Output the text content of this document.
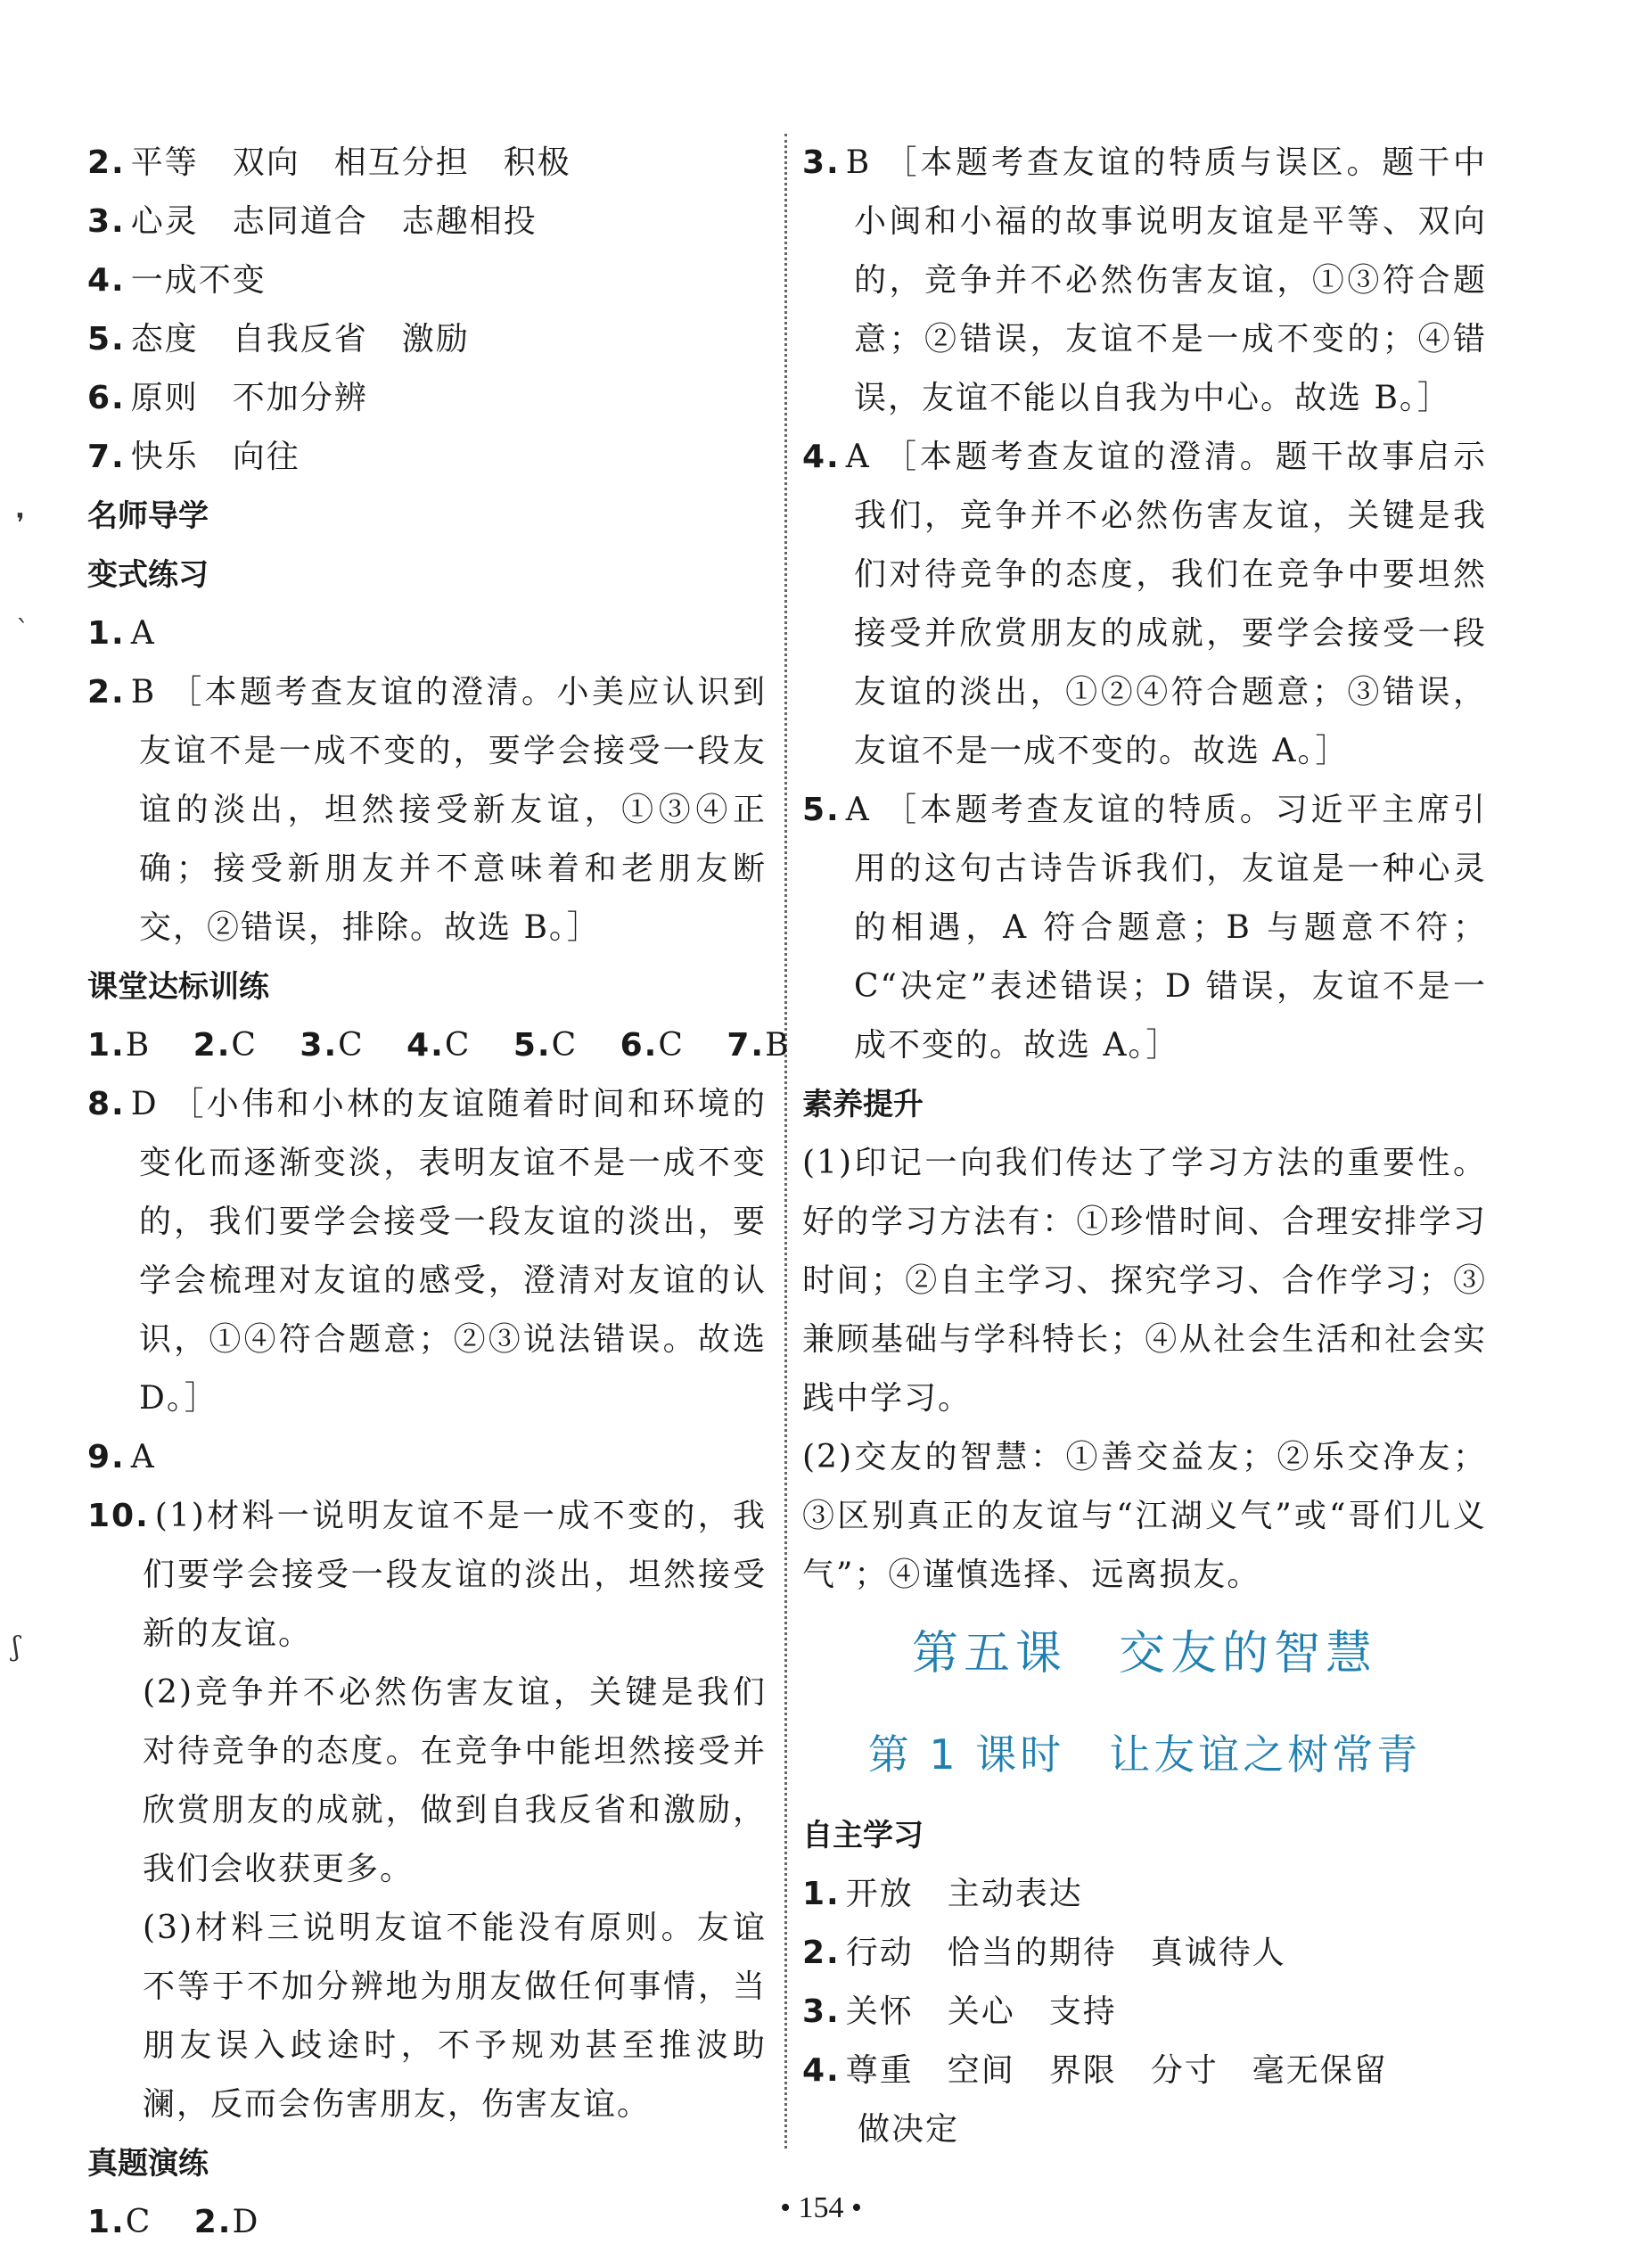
2. 平等　双向　相互分担　积极
3. 心灵　志同道合　志趣相投
4. 一成不变
5. 态度　自我反省　激励
6. 原则　不加分辨
7. 快乐　向往
名师导学
变式练习
1. A
2. B ［本题考查友谊的澄清。小美应认识到友谊不是一成不变的，要学会接受一段友谊的淡出，坦然接受新友谊，①③④正确；接受新朋友并不意味着和老朋友断交，②错误，排除。故选 B。］
课堂达标训练
1.B 2.C 3.C 4.C 5.C 6.C 7.B
8. D ［小伟和小林的友谊随着时间和环境的变化而逐渐变淡，表明友谊不是一成不变的，我们要学会接受一段友谊的淡出，要学会梳理对友谊的感受，澄清对友谊的认识，①④符合题意；②③说法错误。故选 D。］
9. A
10. (1)材料一说明友谊不是一成不变的，我们要学会接受一段友谊的淡出，坦然接受新的友谊。
(2)竞争并不必然伤害友谊，关键是我们对待竞争的态度。在竞争中能坦然接受并欣赏朋友的成就，做到自我反省和激励，我们会收获更多。
(3)材料三说明友谊不能没有原则。友谊不等于不加分辨地为朋友做任何事情，当朋友误入歧途时，不予规劝甚至推波助澜，反而会伤害朋友，伤害友谊。
真题演练
1.C 2.D
3. B ［本题考查友谊的特质与误区。题干中小闽和小福的故事说明友谊是平等、双向的，竞争并不必然伤害友谊，①③符合题意；②错误，友谊不是一成不变的；④错误，友谊不能以自我为中心。故选 B。］
4. A ［本题考查友谊的澄清。题干故事启示我们，竞争并不必然伤害友谊，关键是我们对待竞争的态度，我们在竞争中要坦然接受并欣赏朋友的成就，要学会接受一段友谊的淡出，①②④符合题意；③错误，友谊不是一成不变的。故选 A。］
5. A ［本题考查友谊的特质。习近平主席引用的这句古诗告诉我们，友谊是一种心灵的相遇，A 符合题意；B 与题意不符；C“决定”表述错误；D 错误，友谊不是一成不变的。故选 A。］
素养提升
(1)印记一向我们传达了学习方法的重要性。好的学习方法有：①珍惜时间、合理安排学习时间；②自主学习、探究学习、合作学习；③兼顾基础与学科特长；④从社会生活和社会实践中学习。
(2)交友的智慧：①善交益友；②乐交净友；③区别真正的友谊与“江湖义气”或“哥们儿义气”；④谨慎选择、远离损友。
第五课　交友的智慧
第 1 课时　让友谊之树常青
自主学习
1. 开放　主动表达
2. 行动　恰当的期待　真诚待人
3. 关怀　关心　支持
4. 尊重　空间　界限　分寸　毫无保留
做决定
❜
ˋ
ʃ
• 154 •
